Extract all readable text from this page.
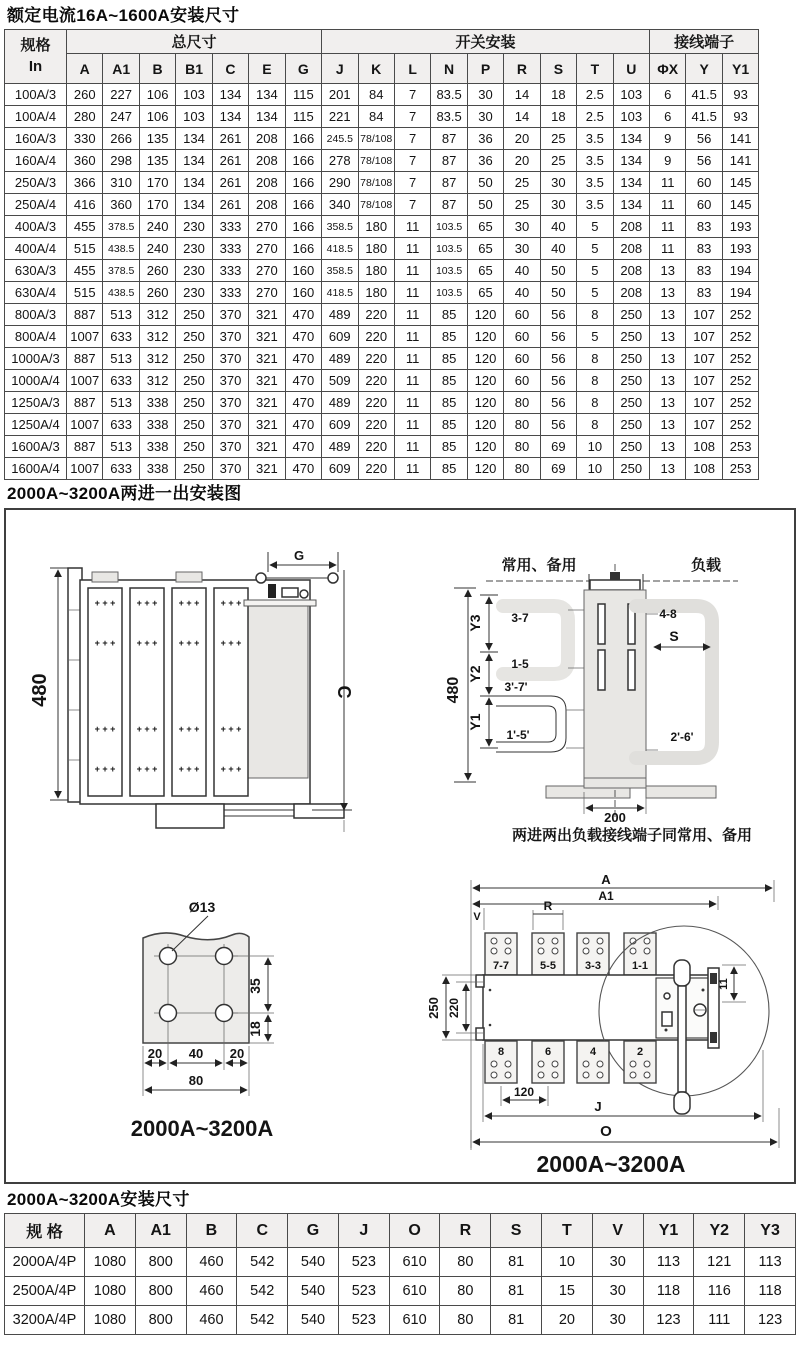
额定电流16A~1600A安装尺寸
规格
In	总尺寸							开关安装									接线端子		
	A	A1	B	B1	C	E	G	J	K	L	N	P	R	S	T	U	ΦX	Y	Y1
100A/3	260	227	106	103	134	134	115	201	84	7	83.5	30	14	18	2.5	103	6	41.5	93
100A/4	280	247	106	103	134	134	115	221	84	7	83.5	30	14	18	2.5	103	6	41.5	93
160A/3	330	266	135	134	261	208	166	245.5	78/108	7	87	36	20	25	3.5	134	9	56	141
160A/4	360	298	135	134	261	208	166	278	78/108	7	87	36	20	25	3.5	134	9	56	141
250A/3	366	310	170	134	261	208	166	290	78/108	7	87	50	25	30	3.5	134	11	60	145
250A/4	416	360	170	134	261	208	166	340	78/108	7	87	50	25	30	3.5	134	11	60	145
400A/3	455	378.5	240	230	333	270	166	358.5	180	11	103.5	65	30	40	5	208	11	83	193
400A/4	515	438.5	240	230	333	270	166	418.5	180	11	103.5	65	30	40	5	208	11	83	193
630A/3	455	378.5	260	230	333	270	160	358.5	180	11	103.5	65	40	50	5	208	13	83	194
630A/4	515	438.5	260	230	333	270	160	418.5	180	11	103.5	65	40	50	5	208	13	83	194
800A/3	887	513	312	250	370	321	470	489	220	11	85	120	60	56	8	250	13	107	252
800A/4	1007	633	312	250	370	321	470	609	220	11	85	120	60	56	5	250	13	107	252
1000A/3	887	513	312	250	370	321	470	489	220	11	85	120	60	56	8	250	13	107	252
1000A/4	1007	633	312	250	370	321	470	509	220	11	85	120	60	56	8	250	13	107	252
1250A/3	887	513	338	250	370	321	470	489	220	11	85	120	80	56	8	250	13	107	252
1250A/4	1007	633	338	250	370	321	470	609	220	11	85	120	80	56	8	250	13	107	252
1600A/3	887	513	338	250	370	321	470	489	220	11	85	120	80	69	10	250	13	108	253
1600A/4	1007	633	338	250	370	321	470	609	220	11	85	120	80	69	10	250	13	108	253
2000A~3200A两进一出安装图
480
+ + +
+ + +
+ + +
+ + +
+ + +
+ + +
+ + +
+ + +
+ + +
+ + +
+ + +
+ + +
+ + +
+ + +
+ + +
+ + +
G
C
常用、备用	负载
480
Y3
Y2
Y1
3-7
1-5
3'-7'
1'-5'
4-8
S
2'-6'
200
两进两出负载接线端子同常用、备用
Ø13
35
18
20 40 20
80
2000A~3200A
A
A1
V
R
7-7	5-5	3-3	1-1
250 220
11
8	6	4	2
120
J
O
2000A~3200A
2000A~3200A安装尺寸
规 格	A	A1	B	C	G	J	O	R	S	T	V	Y1	Y2	Y3
2000A/4P	1080	800	460	542	540	523	610	80	81	10	30	113	121	113
2500A/4P	1080	800	460	542	540	523	610	80	81	15	30	118	116	118
3200A/4P	1080	800	460	542	540	523	610	80	81	20	30	123	111	123
